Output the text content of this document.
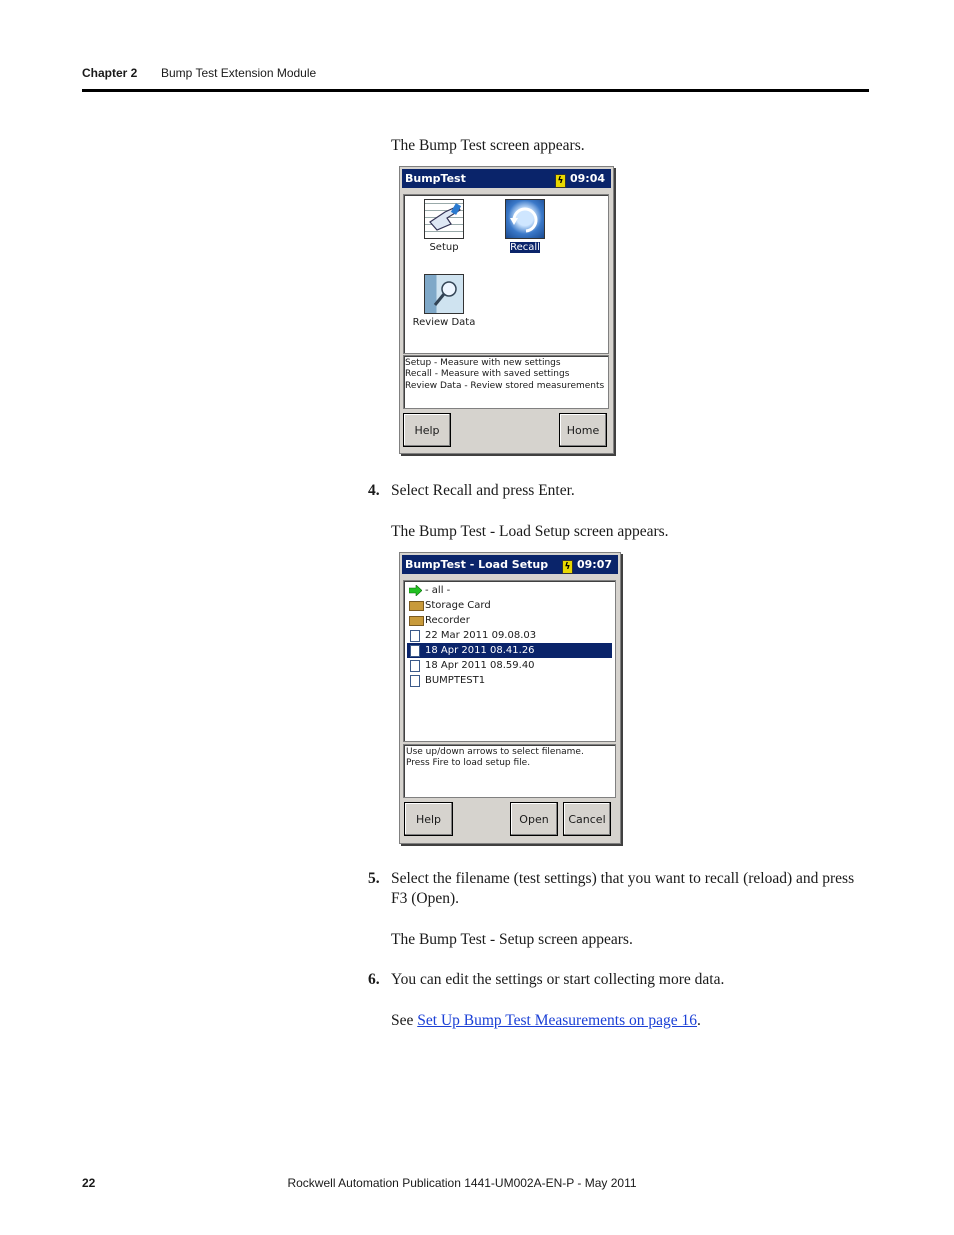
Chapter 2 Bump Test Extension Module
The Bump Test screen appears.
BumpTest	ϟ 09:04
Setup	Recall
Review Data
Setup - Measure with new settings
Recall - Measure with saved settings
Review Data - Review stored measurements
Help	Home
4. Select Recall and press Enter.
The Bump Test - Load Setup screen appears.
BumpTest - Load Setup ϟ 09:07
- all -
Storage Card
Recorder
22 Mar 2011 09.08.03
18 Apr 2011 08.41.26
18 Apr 2011 08.59.40
BUMPTEST1
Use up/down arrows to select filename.
Press Fire to load setup file.
Help	Open	Cancel
5. Select the filename (test settings) that you want to recall (reload) and press F3 (Open).
The Bump Test - Setup screen appears.
6. You can edit the settings or start collecting more data.
See Set Up Bump Test Measurements on page 16.
22	Rockwell Automation Publication 1441-UM002A-EN-P - May 2011
